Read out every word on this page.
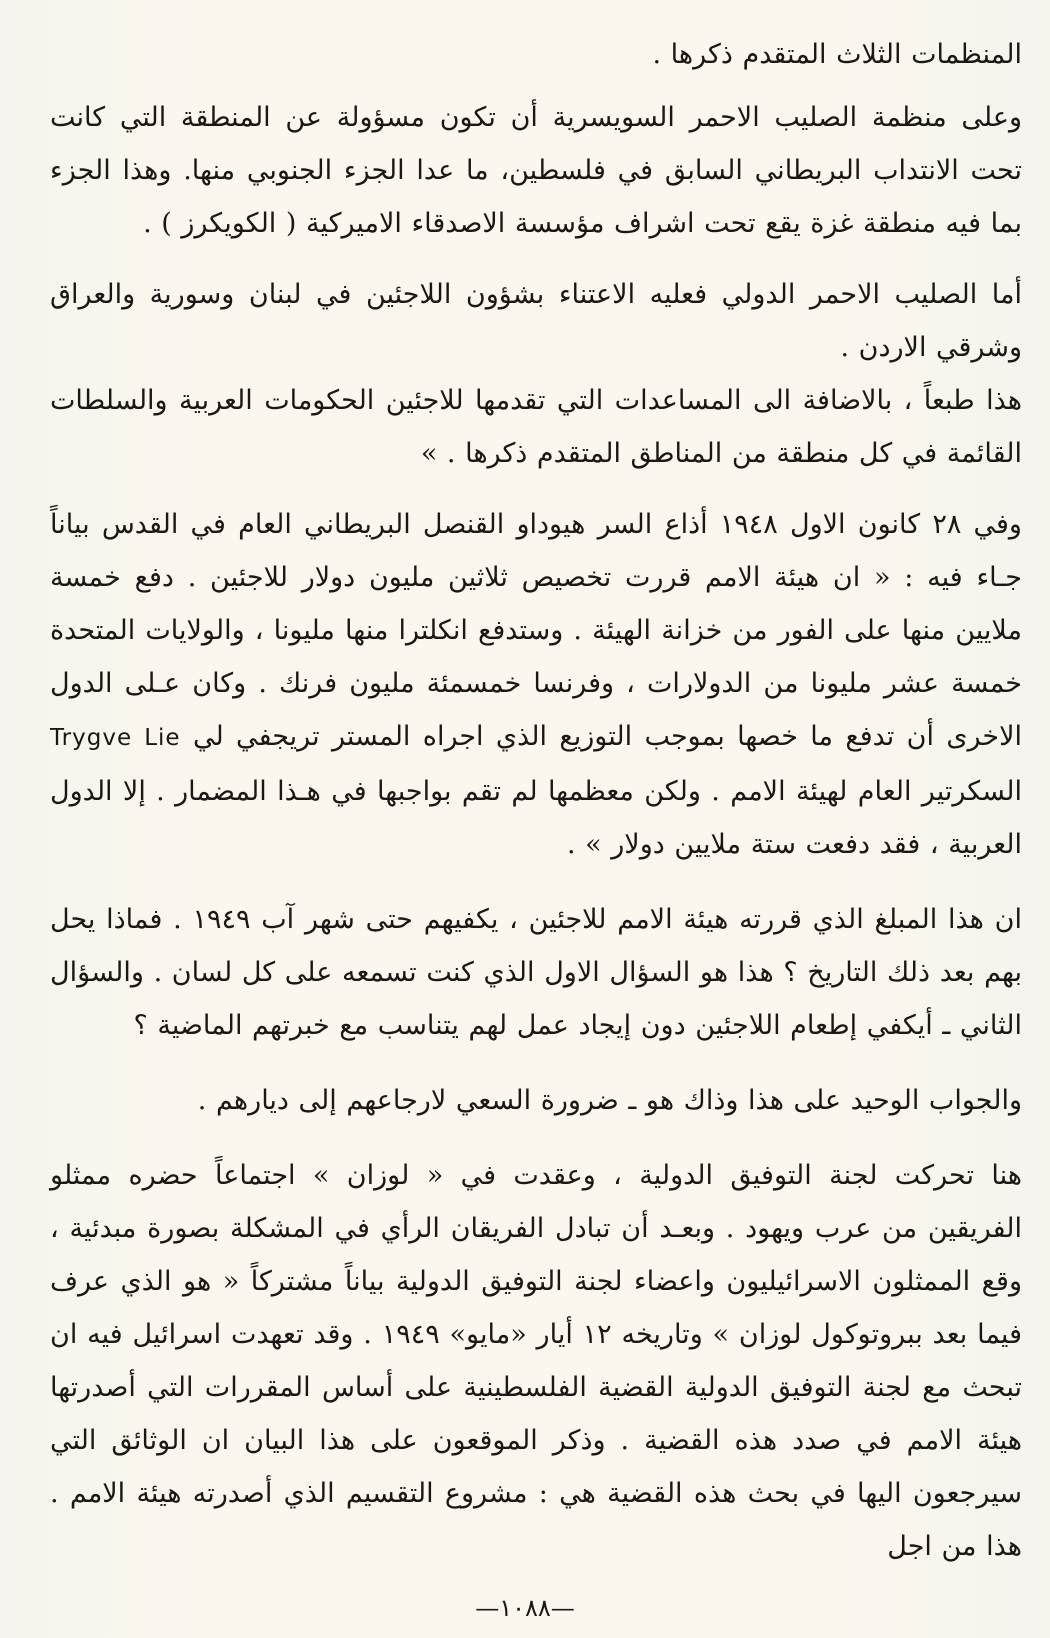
المنظمات الثلاث المتقدم ذكرها .

وعلى منظمة الصليب الاحمر السويسرية أن تكون مسؤولة عن المنطقة التي كانت تحت الانتداب البريطاني السابق في فلسطين، ما عدا الجزء الجنوبي منها. وهذا الجزء بما فيه منطقة غزة يقع تحت اشراف مؤسسة الاصدقاء الاميركية ( الكويكرز ) .

أما الصليب الاحمر الدولي فعليه الاعتناء بشؤون اللاجئين في لبنان وسورية والعراق وشرقي الاردن .

هذا طبعاً ، بالاضافة الى المساعدات التي تقدمها للاجئين الحكومات العربية والسلطات القائمة في كل منطقة من المناطق المتقدم ذكرها . »

وفي ٢٨ كانون الاول ١٩٤٨ أذاع السر هيوداو القنصل البريطاني العام في القدس بياناً جـاء فيه : « ان هيئة الامم قررت تخصيص ثلاثين مليون دولار للاجئين . دفع خمسة ملايين منها على الفور من خزانة الهيئة . وستدفع انكلترا منها مليونا ، والولايات المتحدة خمسة عشر مليونا من الدولارات ، وفرنسا خمسمئة مليون فرنك . وكان عـلى الدول الاخرى أن تدفع ما خصها بموجب التوزيع الذي اجراه المستر تريجفي لي Trygve Lie السكرتير العام لهيئة الامم . ولكن معظمها لم تقم بواجبها في هـذا المضمار . إلا الدول العربية ، فقد دفعت ستة ملايين دولار » .

ان هذا المبلغ الذي قررته هيئة الامم للاجئين ، يكفيهم حتى شهر آب ١٩٤٩ . فماذا يحل بهم بعد ذلك التاريخ ؟ هذا هو السؤال الاول الذي كنت تسمعه على كل لسان . والسؤال الثاني ـ أيكفي إطعام اللاجئين دون إيجاد عمل لهم يتناسب مع خبرتهم الماضية ؟

والجواب الوحيد على هذا وذاك هو ـ ضرورة السعي لارجاعهم إلى ديارهم .

هنا تحركت لجنة التوفيق الدولية ، وعقدت في « لوزان » اجتماعاً حضره ممثلو الفريقين من عرب ويهود . وبعـد أن تبادل الفريقان الرأي في المشكلة بصورة مبدئية ، وقع الممثلون الاسرائيليون واعضاء لجنة التوفيق الدولية بياناً مشتركاً « هو الذي عرف فيما بعد ببروتوكول لوزان » وتاريخه ١٢ أيار «مايو» ١٩٤٩ . وقد تعهدت اسرائيل فيه ان تبحث مع لجنة التوفيق الدولية القضية الفلسطينية على أساس المقررات التي أصدرتها هيئة الامم في صدد هذه القضية . وذكر الموقعون على هذا البيان ان الوثائق التي سيرجعون اليها في بحث هذه القضية هي : مشروع التقسيم الذي أصدرته هيئة الامم . هذا من اجل

—١٠٨٨—
